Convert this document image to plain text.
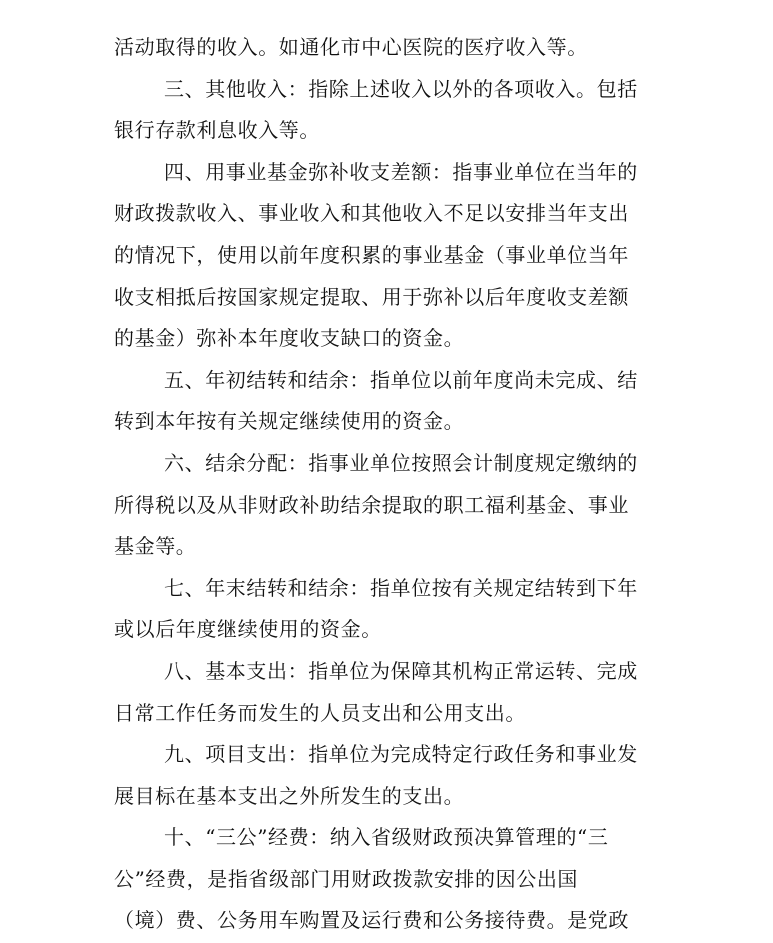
活动取得的收入。如通化市中心医院的医疗收入等。
三、其他收入：指除上述收入以外的各项收入。包括
银行存款利息收入等。
四、用事业基金弥补收支差额：指事业单位在当年的
财政拨款收入、事业收入和其他收入不足以安排当年支出
的情况下，使用以前年度积累的事业基金（事业单位当年
收支相抵后按国家规定提取、用于弥补以后年度收支差额
的基金）弥补本年度收支缺口的资金。
五、年初结转和结余：指单位以前年度尚未完成、结
转到本年按有关规定继续使用的资金。
六、结余分配：指事业单位按照会计制度规定缴纳的
所得税以及从非财政补助结余提取的职工福利基金、事业
基金等。
七、年末结转和结余：指单位按有关规定结转到下年
或以后年度继续使用的资金。
八、基本支出：指单位为保障其机构正常运转、完成
日常工作任务而发生的人员支出和公用支出。
九、项目支出：指单位为完成特定行政任务和事业发
展目标在基本支出之外所发生的支出。
十、“三公”经费：纳入省级财政预决算管理的“三
公”经费，是指省级部门用财政拨款安排的因公出国
（境）费、公务用车购置及运行费和公务接待费。是党政
